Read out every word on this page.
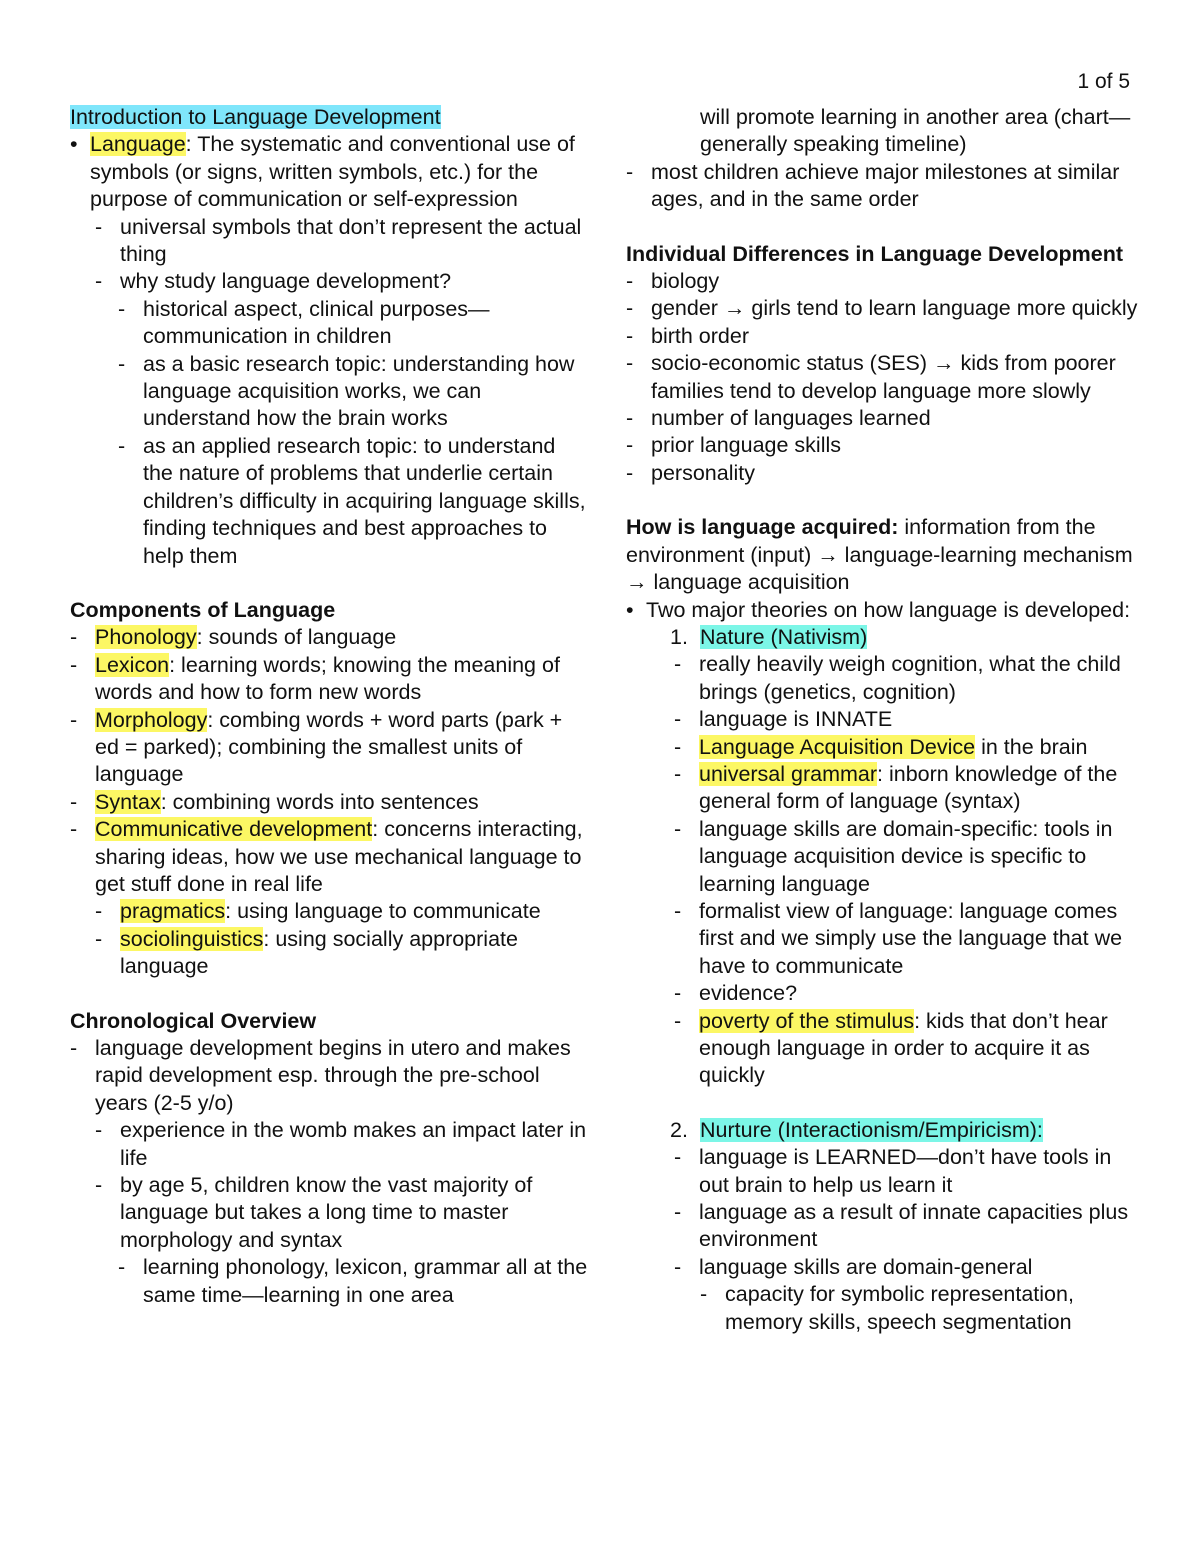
1 of 5
Introduction to Language Development
• Language: The systematic and conventional use of symbols (or signs, written symbols, etc.) for the purpose of communication or self-expression
- universal symbols that don’t represent the actual thing
- why study language development?
- historical aspect, clinical purposes—communication in children
- as a basic research topic: understanding how language acquisition works, we can understand how the brain works
- as an applied research topic: to understand the nature of problems that underlie certain children’s difficulty in acquiring language skills, finding techniques and best approaches to help them
Components of Language
- Phonology: sounds of language
- Lexicon: learning words; knowing the meaning of words and how to form new words
- Morphology: combing words + word parts (park + ed = parked); combining the smallest units of language
- Syntax: combining words into sentences
- Communicative development: concerns interacting, sharing ideas, how we use mechanical language to get stuff done in real life
- pragmatics: using language to communicate
- sociolinguistics: using socially appropriate language
Chronological Overview
- language development begins in utero and makes rapid development esp. through the pre-school years (2-5 y/o)
- experience in the womb makes an impact later in life
- by age 5, children know the vast majority of language but takes a long time to master morphology and syntax
- learning phonology, lexicon, grammar all at the same time—learning in one area
will promote learning in another area (chart—generally speaking timeline)
- most children achieve major milestones at similar ages, and in the same order
Individual Differences in Language Development
- biology
- gender → girls tend to learn language more quickly
- birth order
- socio-economic status (SES) → kids from poorer families tend to develop language more slowly
- number of languages learned
- prior language skills
- personality
How is language acquired: information from the environment (input) → language-learning mechanism → language acquisition
• Two major theories on how language is developed:
1. Nature (Nativism)
- really heavily weigh cognition, what the child brings (genetics, cognition)
- language is INNATE
- Language Acquisition Device in the brain
- universal grammar: inborn knowledge of the general form of language (syntax)
- language skills are domain-specific: tools in language acquisition device is specific to learning language
- formalist view of language: language comes first and we simply use the language that we have to communicate
- evidence?
- poverty of the stimulus: kids that don’t hear enough language in order to acquire it as quickly
2. Nurture (Interactionism/Empiricism):
- language is LEARNED—don’t have tools in out brain to help us learn it
- language as a result of innate capacities plus environment
- language skills are domain-general
- capacity for symbolic representation, memory skills, speech segmentation
